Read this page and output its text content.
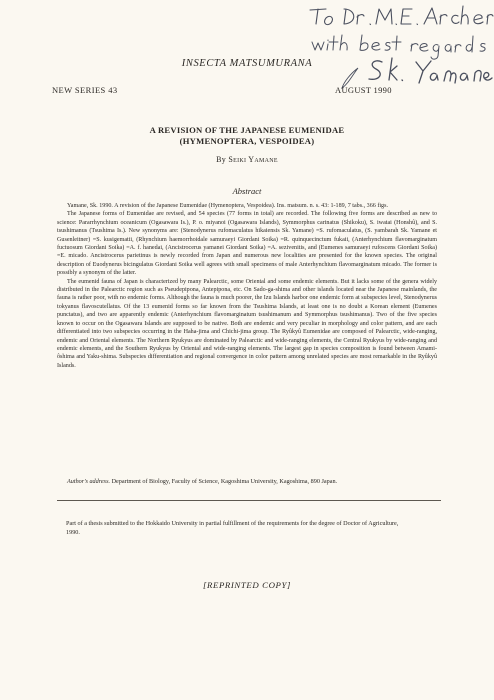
INSECTA MATSUMURANA
NEW SERIES 43	AUGUST 1990
A REVISION OF THE JAPANESE EUMENIDAE
(HYMENOPTERA, VESPOIDEA)
By Seiki Yamane
Abstract

Yamane, Sk. 1990. A revision of the Japanese Eumenidae (Hymenoptera, Vespoidea). Ins. matsum. n. s. 43: 1-189, 7 tabs., 366 figs.

The Japanese forms of Eumenidae are revised, and 54 species (77 forms in total) are recorded. The following five forms are described as new to science: Pararrhynchium oceanicum (Ogasawara Is.), P. o. miyanoi (Ogasawara Islands), Symmorphus carinatus (Shikoku), S. iwatai (Honshû), and S. tsushimanus (Tsushima Is.). New synonyms are: (Stenodynerus rufomaculatus hikaiensis Sk. Yamane) =S. rufomaculatus, (S. yambarah Sk. Yamane et Gusenleitner) =S. kusigematii, (Rhynchium haemorrhoidale samuraeyi Giordani Soika) =R. quinquecinctum fukaii, (Anterhynchium flavomarginatum fuctuosum Giordani Soika) =A. f. hanedai, (Ancistrocerus yamanei Giordani Soika) =A. sezivenitis, and (Eumenes samuraeyi rufoscens Giordani Soika) =E. micado. Ancistrocerus parietinus is newly recorded from Japan and numerous new localities are presented for the known species. The original description of Euodynerus bicingulatus Giordani Soika well agrees with small specimens of male Anterhynchium flavomarginatum micado. The former is possibly a synonym of the latter.

The eumenid fauna of Japan is characterized by many Palearctic, some Oriental and some endemic elements. But it lacks some of the genera widely distributed in the Palearctic region such as Pseudepipona, Antepipona, etc. On Sado-ga-shima and other islands located near the Japanese mainlands, the fauna is rather poor, with no endemic forms. Although the fauna is much poorer, the Izu Islands harbor one endemic form at subspecies level, Stenodynerus tokyanus flavoscutellatus. Of the 13 eumenid forms so far known from the Tsushima Islands, at least one is no doubt a Korean element (Eumenes punctatus), and two are apparently endemic (Anterhynchium flavomarginatum tsushimanum and Symmorphus tsushimanus). Two of the five species known to occur on the Ogasawara Islands are supposed to be native. Both are endemic and very peculiar in morphology and color pattern, and are each differentiated into two subspecies occurring in the Haha-jima and Chichi-jima group. The Ryûkyû Eumenidae are composed of Palearctic, wide-ranging, endemic and Oriental elements. The Northern Ryukyus are dominated by Palearctic and wide-ranging elements, the Central Ryukyus by wide-ranging and endemic elements, and the Southern Ryukyus by Oriental and wide-ranging elements. The largest gap in species composition is found between Amami-ôshima and Yaku-shima. Subspecies differentiation and regional convergence in color pattern among unrelated species are most remarkable in the Ryûkyû Islands.

Author's address. Department of Biology, Faculty of Science, Kagoshima University, Kagoshima, 890 Japan.
Part of a thesis submitted to the Hokkaido University in partial fulfillment of the requirements for the degree of Doctor of Agriculture, 1990.
[REPRINTED COPY]
